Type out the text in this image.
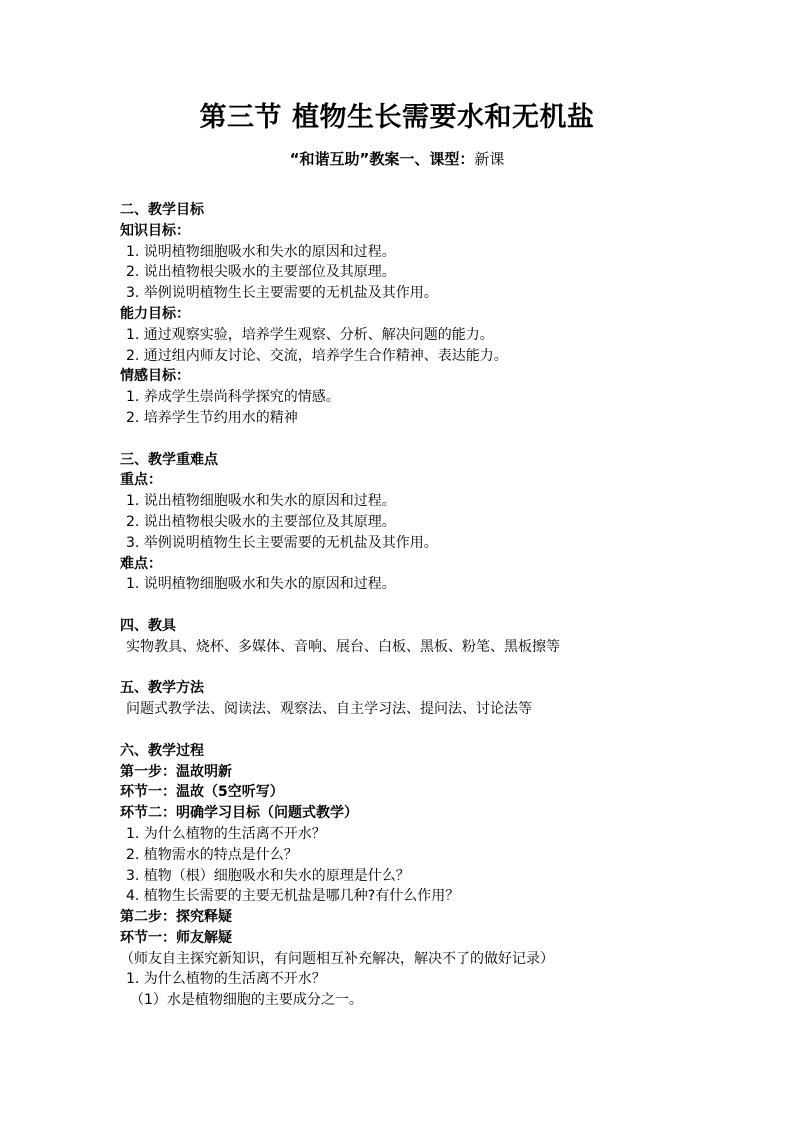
第三节 植物生长需要水和无机盐
“和谐互助”教案一、课型：新课
二、教学目标
知识目标：
1. 说明植物细胞吸水和失水的原因和过程。
2. 说出植物根尖吸水的主要部位及其原理。
3. 举例说明植物生长主要需要的无机盐及其作用。
能力目标：
1. 通过观察实验，培养学生观察、分析、解决问题的能力。
2. 通过组内师友讨论、交流，培养学生合作精神、表达能力。
情感目标：
1. 养成学生崇尚科学探究的情感。
2. 培养学生节约用水的精神
三、教学重难点
重点：
1. 说出植物细胞吸水和失水的原因和过程。
2. 说出植物根尖吸水的主要部位及其原理。
3. 举例说明植物生长主要需要的无机盐及其作用。
难点：
1. 说明植物细胞吸水和失水的原因和过程。
四、教具
实物教具、烧杯、多媒体、音响、展台、白板、黑板、粉笔、黑板擦等
五、教学方法
问题式教学法、阅读法、观察法、自主学习法、提问法、讨论法等
六、教学过程
第一步：温故明新
环节一：温故（5空听写）
环节二：明确学习目标（问题式教学）
1. 为什么植物的生活离不开水？
2. 植物需水的特点是什么？
3. 植物（根）细胞吸水和失水的原理是什么？
4. 植物生长需要的主要无机盐是哪几种?有什么作用？
第二步：探究释疑
环节一：师友解疑
（师友自主探究新知识，有问题相互补充解决，解决不了的做好记录）
1. 为什么植物的生活离不开水？
（1）水是植物细胞的主要成分之一。
